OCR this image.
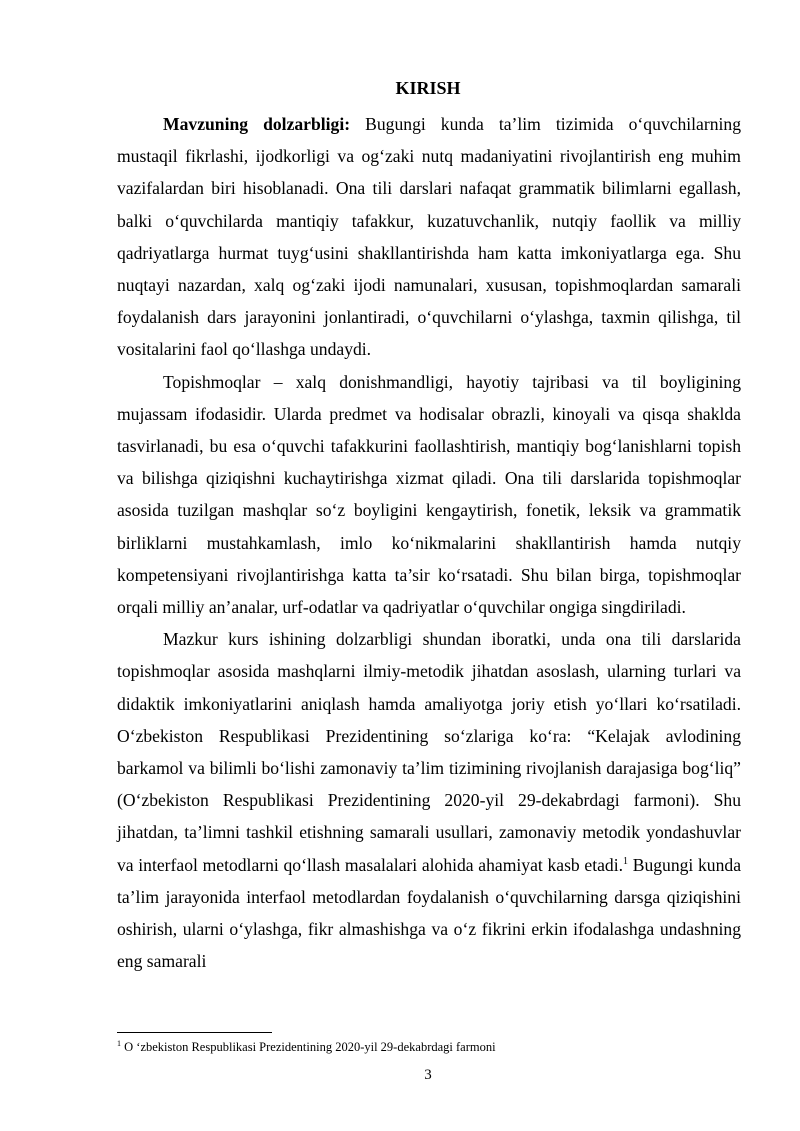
KIRISH

Mavzuning dolzarbligi: Bugungi kunda ta’lim tizimida o‘quvchilarning mustaqil fikrlashi, ijodkorligi va og‘zaki nutq madaniyatini rivojlantirish eng muhim vazifalardan biri hisoblanadi. Ona tili darslari nafaqat grammatik bilimlarni egallash, balki o‘quvchilarda mantiqiy tafakkur, kuzatuvchanlik, nutqiy faollik va milliy qadriyatlarga hurmat tuyg‘usini shakllantirishda ham katta imkoniyatlarga ega. Shu nuqtayi nazardan, xalq og‘zaki ijodi namunalari, xususan, topishmoqlardan samarali foydalanish dars jarayonini jonlantiradi, o‘quvchilarni o‘ylashga, taxmin qilishga, til vositalarini faol qo‘llashga undaydi.

Topishmoqlar – xalq donishmandligi, hayotiy tajribasi va til boyligining mujassam ifodasidir. Ularda predmet va hodisalar obrazli, kinoyali va qisqa shaklda tasvirlanadi, bu esa o‘quvchi tafakkurini faollashtirish, mantiqiy bog‘lanishlarni topish va bilishga qiziqishni kuchaytirishga xizmat qiladi. Ona tili darslarida topishmoqlar asosida tuzilgan mashqlar so‘z boyligini kengaytirish, fonetik, leksik va grammatik birliklarni mustahkamlash, imlo ko‘nikmalarini shakllantirish hamda nutqiy kompetensiyani rivojlantirishga katta ta’sir ko‘rsatadi. Shu bilan birga, topishmoqlar orqali milliy an’analar, urf-odatlar va qadriyatlar o‘quvchilar ongiga singdiriladi.

Mazkur kurs ishining dolzarbligi shundan iboratki, unda ona tili darslarida topishmoqlar asosida mashqlarni ilmiy-metodik jihatdan asoslash, ularning turlari va didaktik imkoniyatlarini aniqlash hamda amaliyotga joriy etish yo‘llari ko‘rsatiladi. O‘zbekiston Respublikasi Prezidentining so‘zlariga ko‘ra: “Kelajak avlodining barkamol va bilimli bo‘lishi zamonaviy ta’lim tizimining rivojlanish darajasiga bog‘liq” (O‘zbekiston Respublikasi Prezidentining 2020-yil 29-dekabrdagi farmoni). Shu jihatdan, ta’limni tashkil etishning samarali usullari, zamonaviy metodik yondashuvlar va interfaol metodlarni qo‘llash masalalari alohida ahamiyat kasb etadi.$^1$ Bugungi kunda ta’lim jarayonida interfaol metodlardan foydalanish o‘quvchilarning darsga qiziqishini oshirish, ularni o‘ylashga, fikr almashishga va o‘z fikrini erkin ifodalashga undashning eng samarali

$^1$ O ‘zbekiston Respublikasi Prezidentining 2020-yil 29-dekabrdagi farmoni
3
